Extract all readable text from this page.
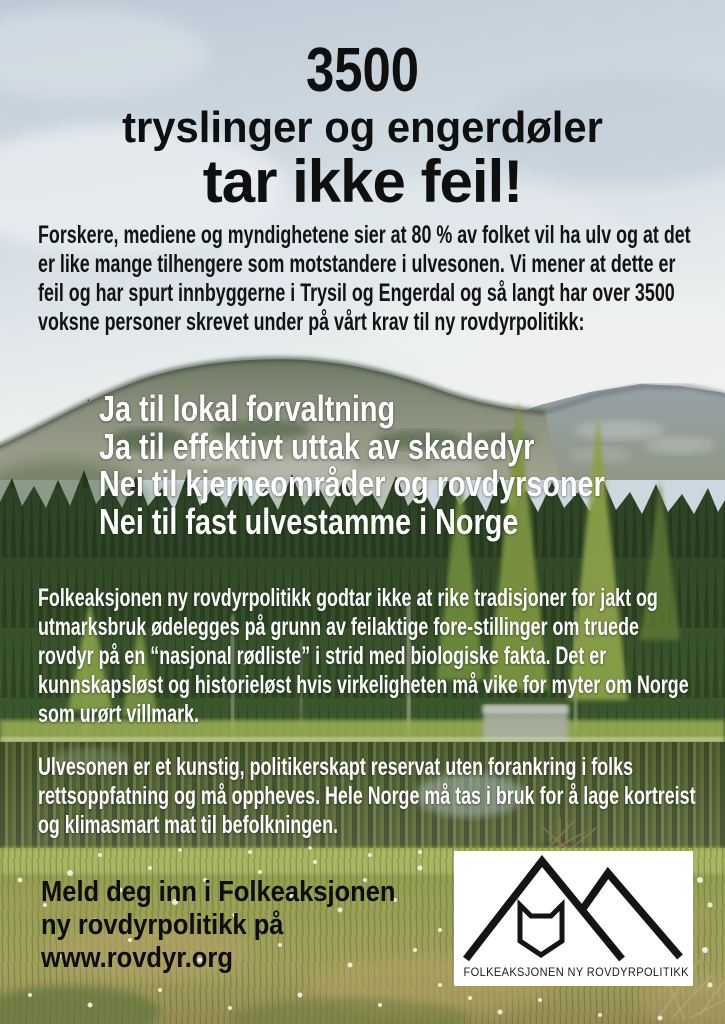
3500
tryslinger og engerdøler
tar ikke feil!

Forskere, mediene og myndighetene sier at 80 % av folket vil ha ulv og at det er like mange tilhengere som motstandere i ulvesonen. Vi mener at dette er feil og har spurt innbyggerne i Trysil og Engerdal og så langt har over 3500 voksne personer skrevet under på vårt krav til ny rovdyrpolitikk:

· Ja til lokal forvaltning
Ja til effektivt uttak av skadedyr
Nei til kjerneområder og rovdyrsoner
Nei til fast ulvestamme i Norge

Folkeaksjonen ny rovdyrpolitikk godtar ikke at rike tradisjoner for jakt og utmarksbruk ødelegges på grunn av feilaktige fore-stillinger om truede rovdyr på en “nasjonal rødliste” i strid med biologiske fakta. Det er kunnskapsløst og historieløst hvis virkeligheten må vike for myter om Norge som urørt villmark.

Ulvesonen er et kunstig, politikerskapt reservat uten forankring i folks rettsoppfatning og må oppheves. Hele Norge må tas i bruk for å lage kortreist og klimasmart mat til befolkningen.

Meld deg inn i Folkeaksjonen
ny rovdyrpolitikk på
www.rovdyr.org	FOLKEAKSJONEN NY ROVDYRPOLITIKK
